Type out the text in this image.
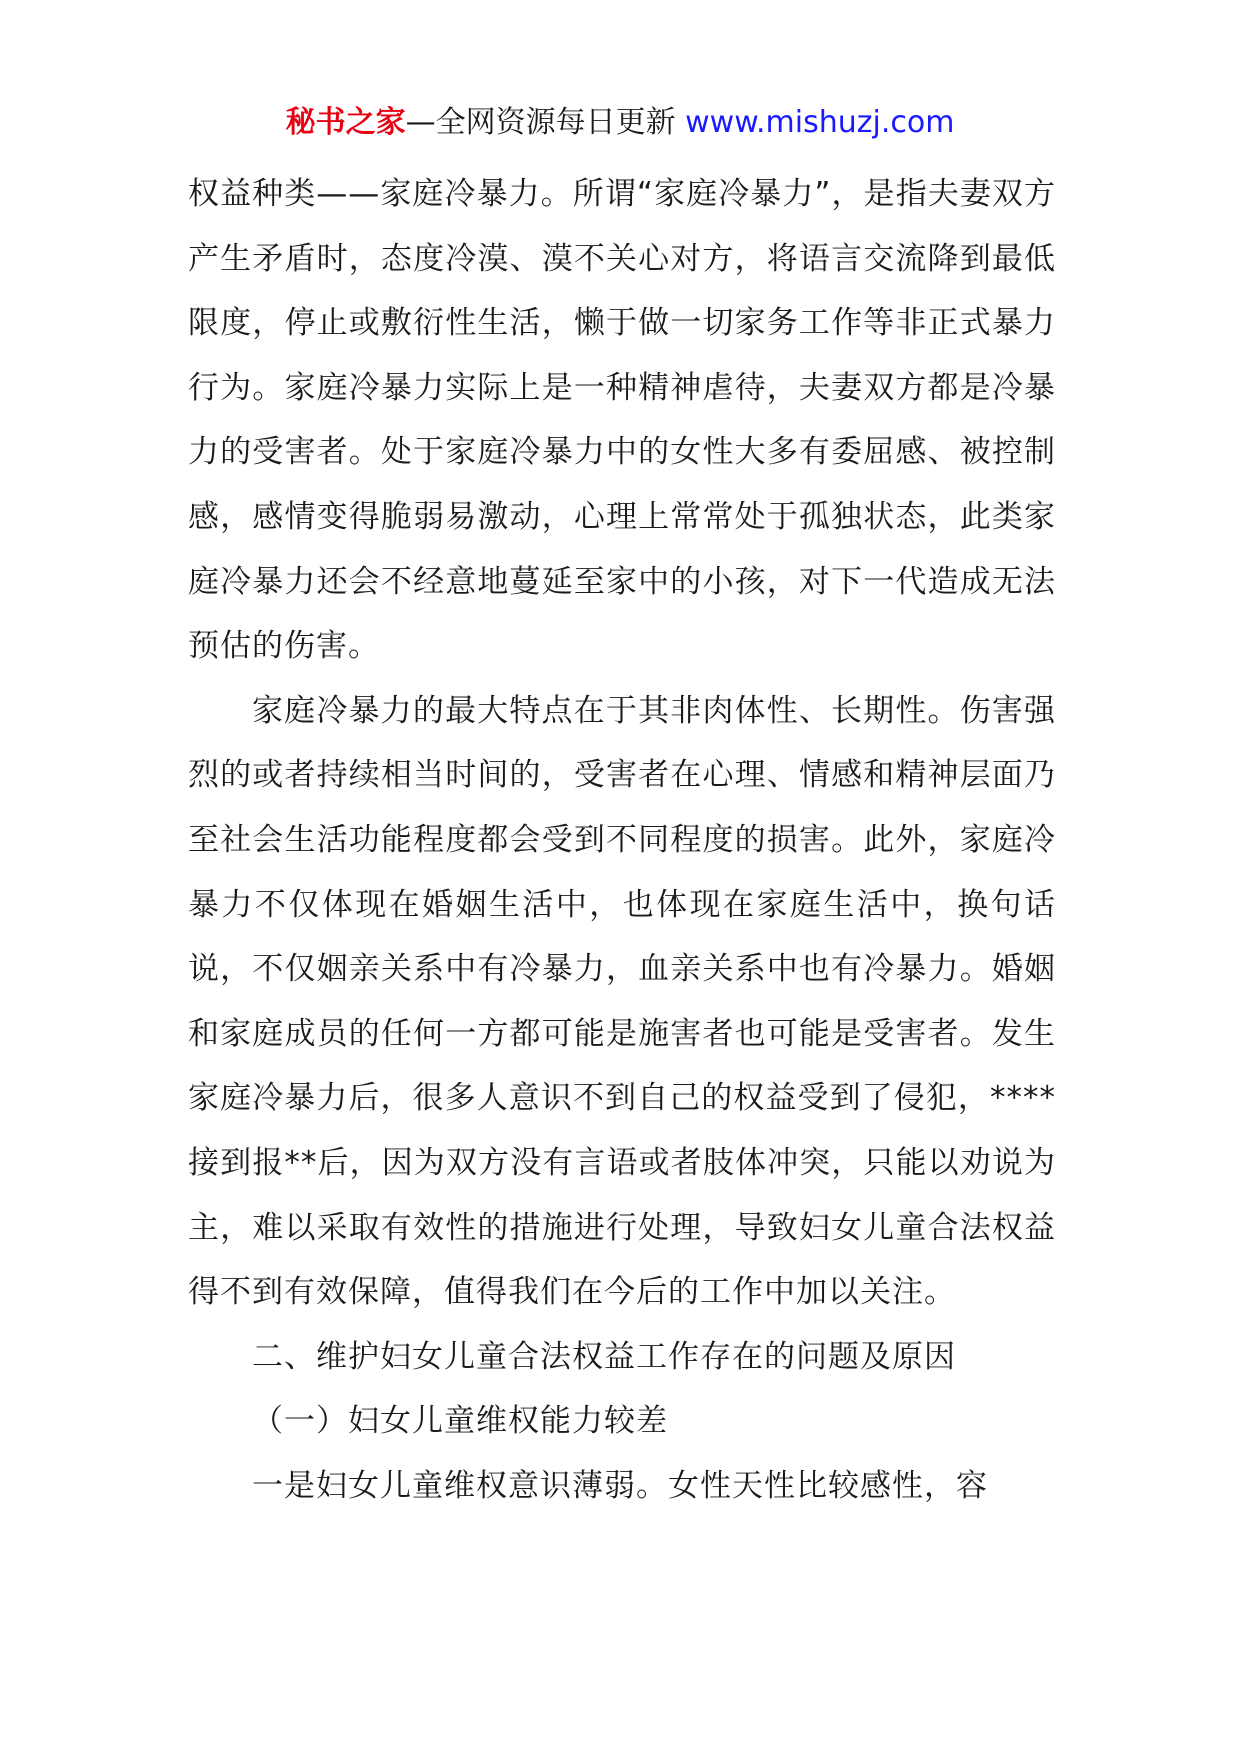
秘书之家—全网资源每日更新 www.mishuzj.com

权益种类——家庭冷暴力。所谓“家庭冷暴力”，是指夫妻双方产生矛盾时，态度冷漠、漠不关心对方，将语言交流降到最低限度，停止或敷衍性生活，懒于做一切家务工作等非正式暴力行为。家庭冷暴力实际上是一种精神虐待，夫妻双方都是冷暴力的受害者。处于家庭冷暴力中的女性大多有委屈感、被控制感，感情变得脆弱易激动，心理上常常处于孤独状态，此类家庭冷暴力还会不经意地蔓延至家中的小孩，对下一代造成无法预估的伤害。

家庭冷暴力的最大特点在于其非肉体性、长期性。伤害强烈的或者持续相当时间的，受害者在心理、情感和精神层面乃至社会生活功能程度都会受到不同程度的损害。此外，家庭冷暴力不仅体现在婚姻生活中，也体现在家庭生活中，换句话说，不仅姻亲关系中有冷暴力，血亲关系中也有冷暴力。婚姻和家庭成员的任何一方都可能是施害者也可能是受害者。发生家庭冷暴力后，很多人意识不到自己的权益受到了侵犯，****接到报**后，因为双方没有言语或者肢体冲突，只能以劝说为主，难以采取有效性的措施进行处理，导致妇女儿童合法权益得不到有效保障，值得我们在今后的工作中加以关注。

二、维护妇女儿童合法权益工作存在的问题及原因

（一）妇女儿童维权能力较差

一是妇女儿童维权意识薄弱。女性天性比较感性，容
